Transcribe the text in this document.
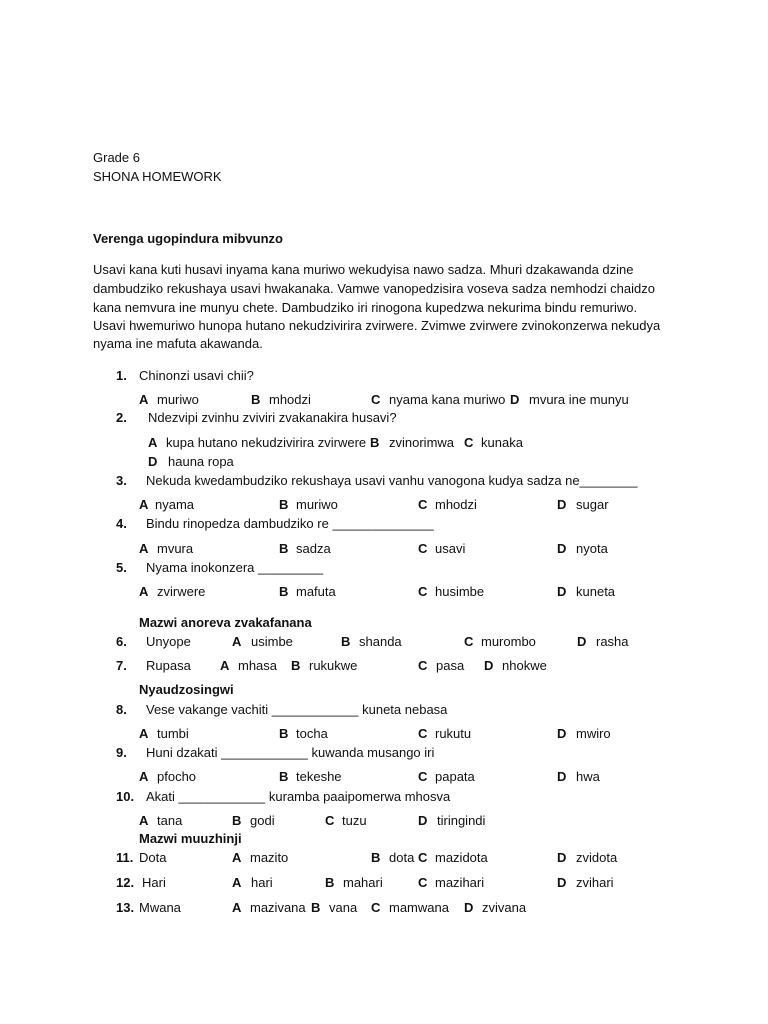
Grade 6
SHONA HOMEWORK
Verenga ugopindura mibvunzo
Usavi kana kuti husavi inyama kana muriwo wekudyisa nawo sadza. Mhuri dzakawanda dzine
dambudziko rekushaya usavi hwakanaka. Vamwe vanopedzisira voseva sadza nemhodzi chaidzo
kana nemvura ine munyu chete. Dambudziko iri rinogona kupedzwa nekurima bindu remuriwo.
Usavi hwemuriwo hunopa hutano nekudzivirira zvirwere. Zvimwe zvirwere zvinokonzerwa nekudya
nyama ine mafuta akawanda.
1. Chinonzi usavi chii?
A muriwo	B mhodzi	C nyama kana muriwo D mvura ine munyu
2. Ndezvipi zvinhu zviviri zvakanakira husavi?
A kupa hutano nekudzivirira zvirwere B zvinorimwa C kunaka
D hauna ropa
3. Nekuda kwedambudziko rekushaya usavi vanhu vanogona kudya sadza ne________
A nyama	B muriwo	C mhodzi	D sugar
4. Bindu rinopedza dambudziko re ______________
A mvura	B sadza	C usavi	D nyota
5. Nyama inokonzera _________
A zvirwere	B mafuta	C husimbe	D kuneta
Mazwi anoreva zvakafanana
6. Unyope	A usimbe	B shanda	C murombo	D rasha
7. Rupasa A mhasa B rukukwe	C pasa D nhokwe
Nyaudzosingwi
8. Vese vakange vachiti ____________ kuneta nebasa
A tumbi	B tocha	C rukutu	D mwiro
9. Huni dzakati ____________ kuwanda musango iri
A pfocho	B tekeshe	C papata	D hwa
10. Akati ____________ kuramba paaipomerwa mhosva
A tana	B godi	C tuzu	D tiringindi
Mazwi muuzhinji
11. Dota	A mazito	B dota C mazidota	D zvidota
12. Hari	A hari	B mahari	C mazihari	D zvihari
13. Mwana	A mazivana B vana C mamwana D zvivana
